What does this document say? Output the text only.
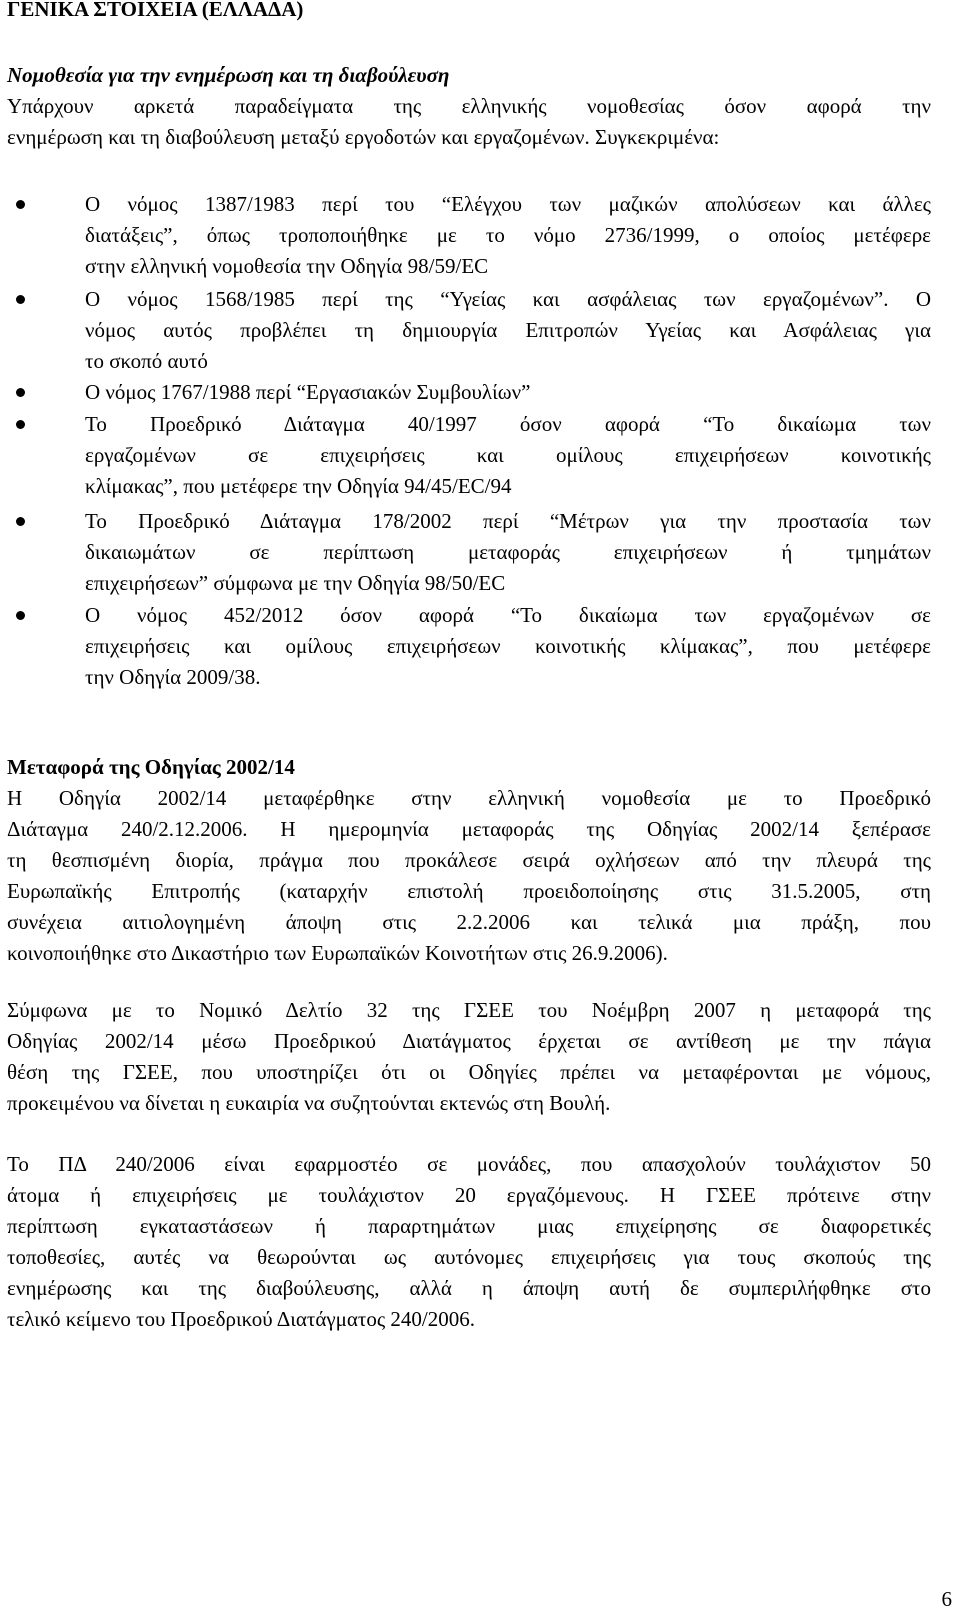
ΓΕΝΙΚΑ ΣΤΟΙΧΕΙΑ (ΕΛΛΑΔΑ)
Νομοθεσία για την ενημέρωση και τη διαβούλευση
Υπάρχουν αρκετά παραδείγματα της ελληνικής νομοθεσίας όσον αφορά την
ενημέρωση και τη διαβούλευση μεταξύ εργοδοτών και εργαζομένων. Συγκεκριμένα:
Ο νόμος 1387/1983 περί του “Ελέγχου των μαζικών απολύσεων και άλλες
διατάξεις”, όπως τροποποιήθηκε με το νόμο 2736/1999, ο οποίος μετέφερε
στην ελληνική νομοθεσία την Οδηγία 98/59/ΕC
Ο νόμος 1568/1985 περί της “Υγείας και ασφάλειας των εργαζομένων”. Ο
νόμος αυτός προβλέπει τη δημιουργία Επιτροπών Υγείας και Ασφάλειας για
το σκοπό αυτό
Ο νόμος 1767/1988 περί “Εργασιακών Συμβουλίων”
Το Προεδρικό Διάταγμα 40/1997 όσον αφορά “Το δικαίωμα των
εργαζομένων σε επιχειρήσεις και ομίλους επιχειρήσεων κοινοτικής
κλίμακας”, που μετέφερε την Οδηγία 94/45/ΕC/94
Το Προεδρικό Διάταγμα 178/2002 περί “Μέτρων για την προστασία των
δικαιωμάτων σε περίπτωση μεταφοράς επιχειρήσεων ή τμημάτων
επιχειρήσεων” σύμφωνα με την Οδηγία 98/50/ΕC
Ο νόμος 452/2012 όσον αφορά “Το δικαίωμα των εργαζομένων σε
επιχειρήσεις και ομίλους επιχειρήσεων κοινοτικής κλίμακας”, που μετέφερε
την Οδηγία 2009/38.
Μεταφορά της Οδηγίας 2002/14
Η Οδηγία 2002/14 μεταφέρθηκε στην ελληνική νομοθεσία με το Προεδρικό
Διάταγμα 240/2.12.2006. Η ημερομηνία μεταφοράς της Οδηγίας 2002/14 ξεπέρασε
τη θεσπισμένη διορία, πράγμα που προκάλεσε σειρά οχλήσεων από την πλευρά της
Ευρωπαϊκής Επιτροπής (καταρχήν επιστολή προειδοποίησης στις 31.5.2005, στη
συνέχεια αιτιολογημένη άποψη στις 2.2.2006 και τελικά μια πράξη, που
κοινοποιήθηκε στο Δικαστήριο των Ευρωπαϊκών Κοινοτήτων στις 26.9.2006).
Σύμφωνα με το Νομικό Δελτίο 32 της ΓΣΕΕ του Νοέμβρη 2007 η μεταφορά της
Οδηγίας 2002/14 μέσω Προεδρικού Διατάγματος έρχεται σε αντίθεση με την πάγια
θέση της ΓΣΕΕ, που υποστηρίζει ότι οι Οδηγίες πρέπει να μεταφέρονται με νόμους,
προκειμένου να δίνεται η ευκαιρία να συζητούνται εκτενώς στη Βουλή.
Το ΠΔ 240/2006 είναι εφαρμοστέο σε μονάδες, που απασχολούν τουλάχιστον 50
άτομα ή επιχειρήσεις με τουλάχιστον 20 εργαζόμενους. Η ΓΣΕΕ πρότεινε στην
περίπτωση εγκαταστάσεων ή παραρτημάτων μιας επιχείρησης σε διαφορετικές
τοποθεσίες, αυτές να θεωρούνται ως αυτόνομες επιχειρήσεις για τους σκοπούς της
ενημέρωσης και της διαβούλευσης, αλλά η άποψη αυτή δε συμπεριλήφθηκε στο
τελικό κείμενο του Προεδρικού Διατάγματος 240/2006.
6
